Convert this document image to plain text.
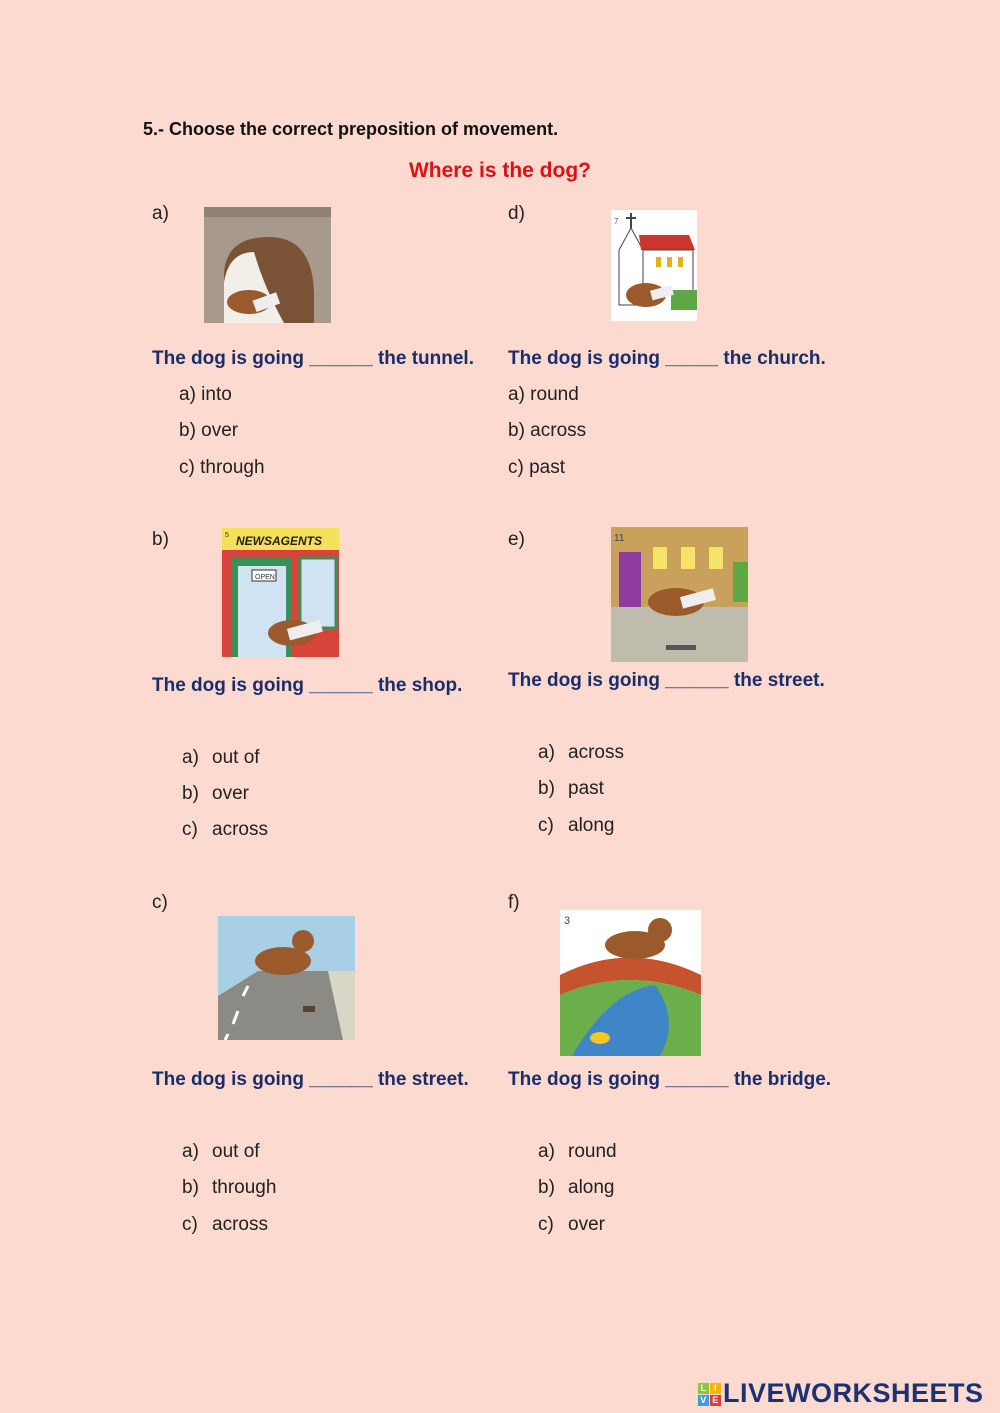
5.- Choose the correct preposition of movement.
Where is the dog?
a)
The dog is going ______ the tunnel.
a) into
b) over
c) through
d)	7
The dog is going _____ the church.
a) round
b) across
c) past
b)	5 NEWSAGENTS
OPEN
The dog is going ______ the shop.
a) out of
b) over
c) across
e)	11
The dog is going ______ the street.
a) across
b) past
c) along
c)
The dog is going ______ the street.
a) out of
b) through
c) across
f)
3
The dog is going ______ the bridge.
a) round
b) along
c) over
L I
V E LIVEWORKSHEETS
